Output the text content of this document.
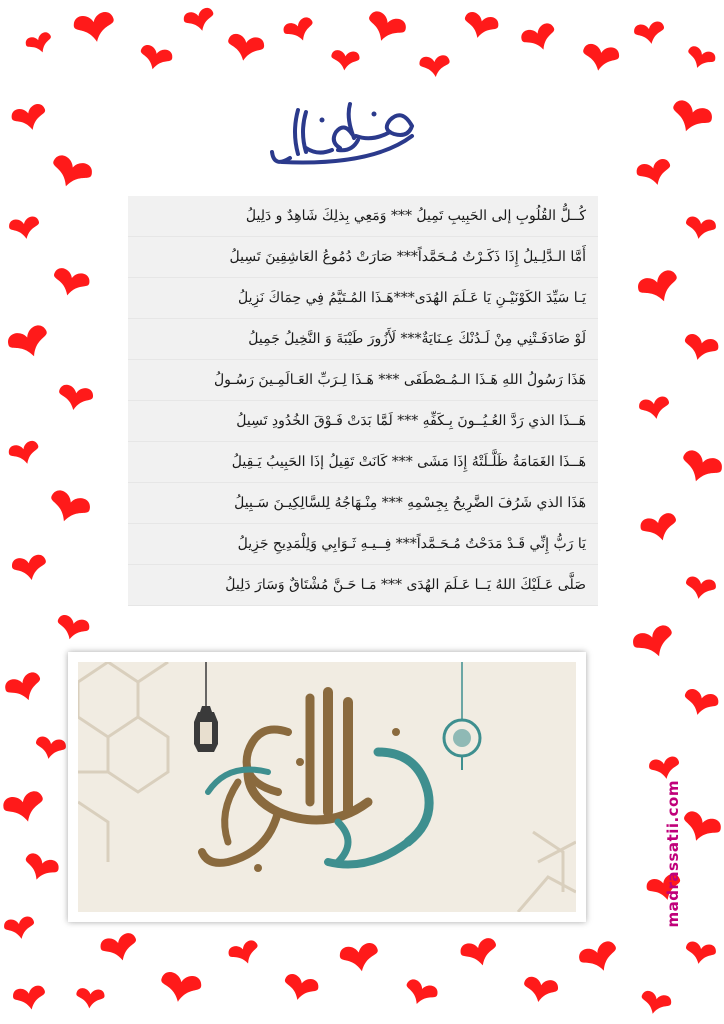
كُــلُّ القُلُوبِ إلى الحَبِيبِ تَمِيلُ *** وَمَعِي بِذلِكَ شَاهِدٌ و دَلِيلُ

أَمَّا الـدَّلِـيلُ إِذَا ذَكَـرْتُ مُـحَمَّداً*** صَارَتْ دُمُوعُ العَاشِقِينَ تَسِيلُ

يَـا سَيِّدَ الكَوْنَيْـنِ يَا عَـلَمَ الهُدَى***هَـذَا المُـتَيَّمُ فِي حِمَاكَ نَزِيلُ

لَوْ صَادَفَـتْنِي مِنْ لَـدُنْكَ عِـنَايَةٌ*** لَأَزُورَ طَيْبَةَ وَ النَّخِيلُ جَمِيلُ

هَذَا رَسُولُ اللهِ هَـذَا الـمُـصْطَفَى *** هَـذَا لِـرَبِّ العَـالَمِـينَ رَسُـولُ

هَــذَا الذي رَدَّ العُـيُــونَ بِـكَفِّهِ *** لَمَّا بَدَتْ فَـوْقَ الخُدُودِ تَسِيلُ

هَــذَا الغَمَامَةُ ظَلَّـلَتْهُ إِذَا مَشَى *** كَانَتْ تَقِيلُ إذَا الحَبِيبُ يَـقِيلُ

هَذَا الذي شَرُفَ الضَّرِيحُ بِجِسْمِهِ *** مِنْـهَاجُهُ لِلسَّالِكِيـنَ سَـبِيلُ

يَا رَبُّ إِنِّي قَـدْ مَدَحْتُ مُـحَـمَّداً*** فِــيـهِ ثَـوَابِي وَلِلْمَدِيحِ جَزِيلُ

صَلَّى عَـلَيْكَ اللهُ يَــا عَـلَمَ الهُدَى *** مَـا حَـنَّ مُشْتَاقٌ وَسَارَ دَلِيلُ

madrassatii.com
